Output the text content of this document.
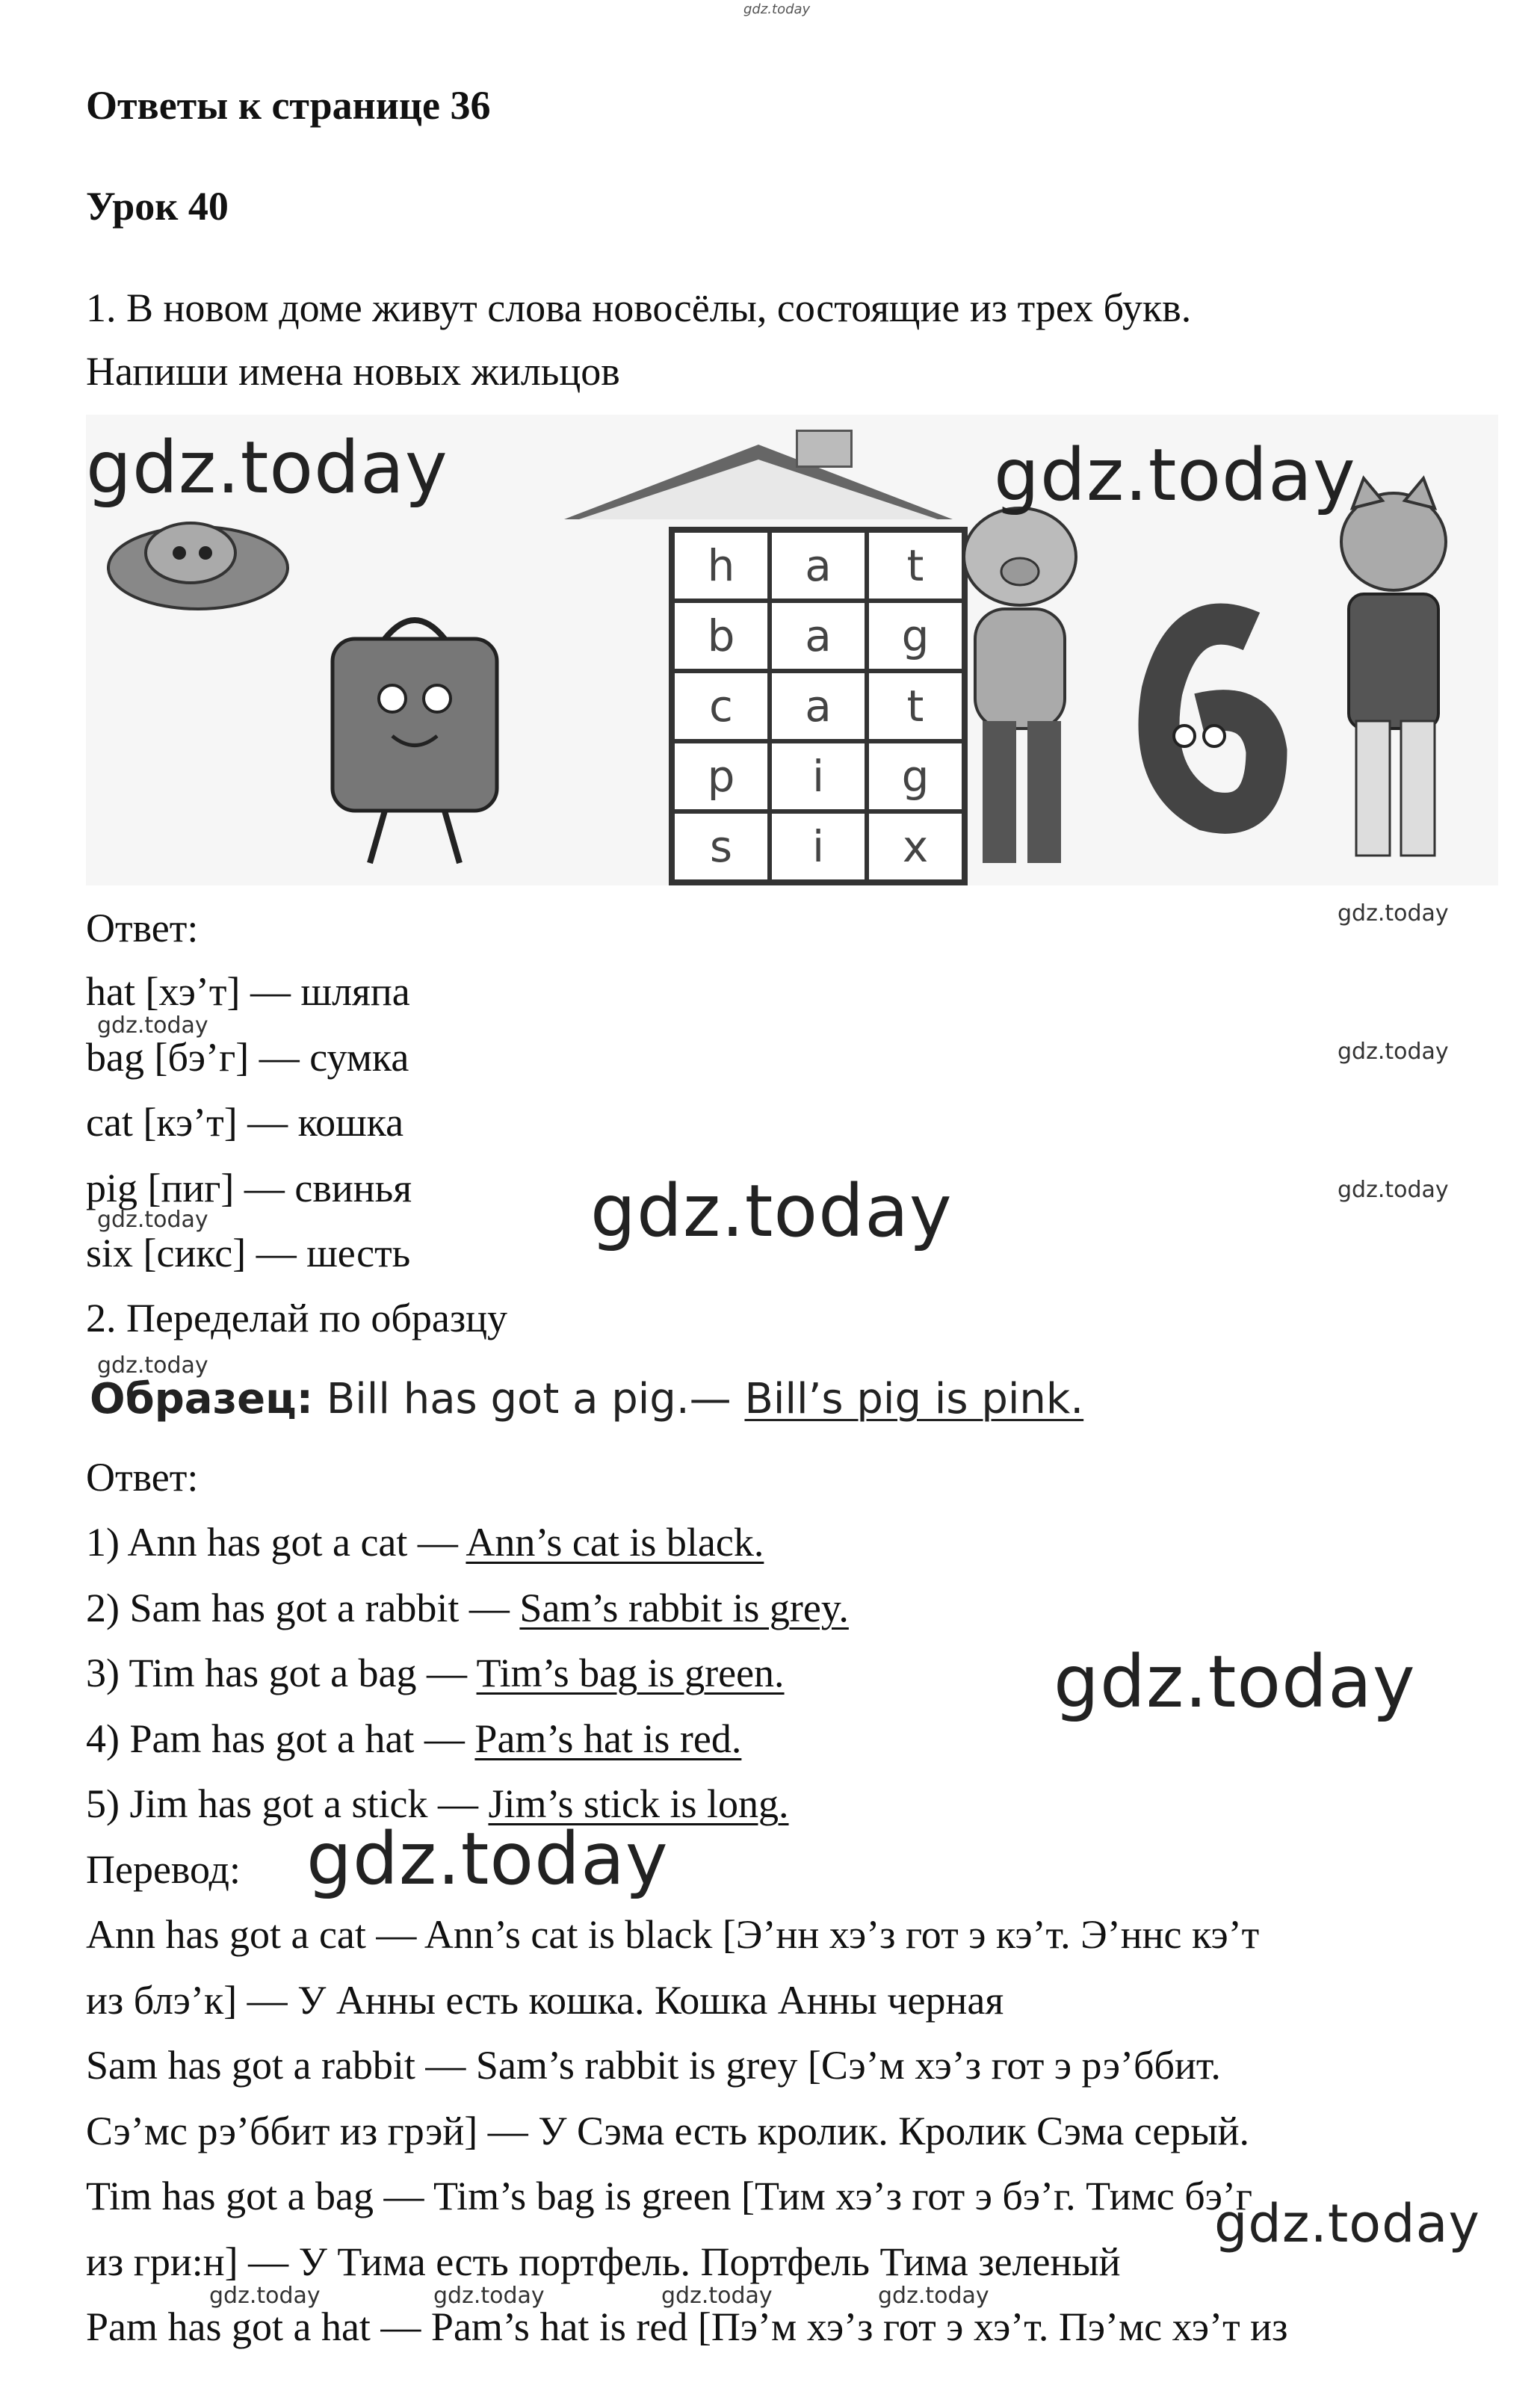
gdz.today
Ответы к странице 36
Урок 40
1. В новом доме живут слова новосёлы, состоящие из трех букв.
Напиши имена новых жильцов
h	a	t
b	a	g
c	a	t
p	i	g
s	i	x
gdz.today	gdz.today
Ответ:	gdz.today
hat [хэ’т] — шляпа
gdz.today
bag [бэ’г] — сумка	gdz.today
cat [кэ’т] — кошка
pig [пиг] — свинья	gdz.today
gdz.today
gdz.today
six [сикс] — шесть
2. Переделай по образцу
gdz.today
Образец: Bill has got a pig.— Bill’s pig is pink.
Ответ:
1) Ann has got a cat — Ann’s cat is black.
2) Sam has got a rabbit — Sam’s rabbit is grey.
3) Tim has got a bag — Tim’s bag is green.	gdz.today
4) Pam has got a hat — Pam’s hat is red.
5) Jim has got a stick — Jim’s stick is long.
Перевод: gdz.today
Ann has got a cat — Ann’s cat is black [Э’нн хэ’з гот э кэ’т. Э’ннс кэ’т
из блэ’к] — У Анны есть кошка. Кошка Анны черная
Sam has got a rabbit — Sam’s rabbit is grey [Сэ’м хэ’з гот э рэ’ббит.
Сэ’мс рэ’ббит из грэй] — У Сэма есть кролик. Кролик Сэма серый.
Tim has got a bag — Tim’s bag is green [Тим хэ’з гот э бэ’г. Тимс бэ’г
gdz.today
из гри:н] — У Тима есть портфель. Портфель Тима зеленый
gdz.today	gdz.today	gdz.today	gdz.today
Pam has got a hat — Pam’s hat is red [Пэ’м хэ’з гот э хэ’т. Пэ’мс хэ’т из
